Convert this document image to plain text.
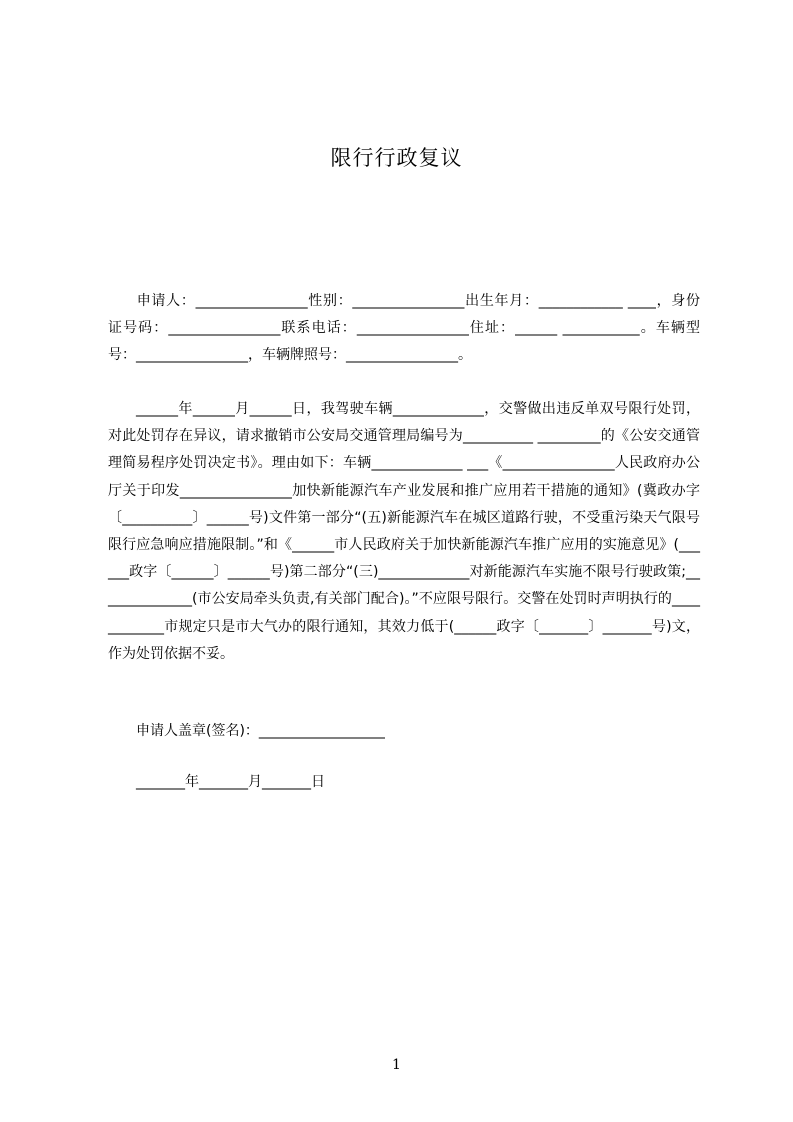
限行行政复议
申请人：________________性别：________________出生年月：____________ ____，身份证号码：________________联系电话：________________住址：______ ___________。车辆型号：________________，车辆牌照号：________________。
______年______月______日，我驾驶车辆_____________，交警做出违反单双号限行处罚，对此处罚存在异议，请求撤销市公安局交通管理局编号为__________ _________的《公安交通管理简易程序处罚决定书》。理由如下：车辆_____________ ___《________________人民政府办公厅关于印发________________加快新能源汽车产业发展和推广应用若干措施的通知》(冀政办字〔__________〕______号)文件第一部分“(五)新能源汽车在城区道路行驶，不受重污染天气限号限行应急响应措施限制。”和《______市人民政府关于加快新能源汽车推广应用的实施意见》(______政字〔______〕______号)第二部分“(三)_____________对新能源汽车实施不限号行驶政策;______________(市公安局牵头负责,有关部门配合)。”不应限号限行。交警在处罚时声明执行的____________市规定只是市大气办的限行通知，其效力低于(______政字〔_______〕_______号)文，作为处罚依据不妥。
申请人盖章(签名)：__________________
_______年_______月_______日
1
